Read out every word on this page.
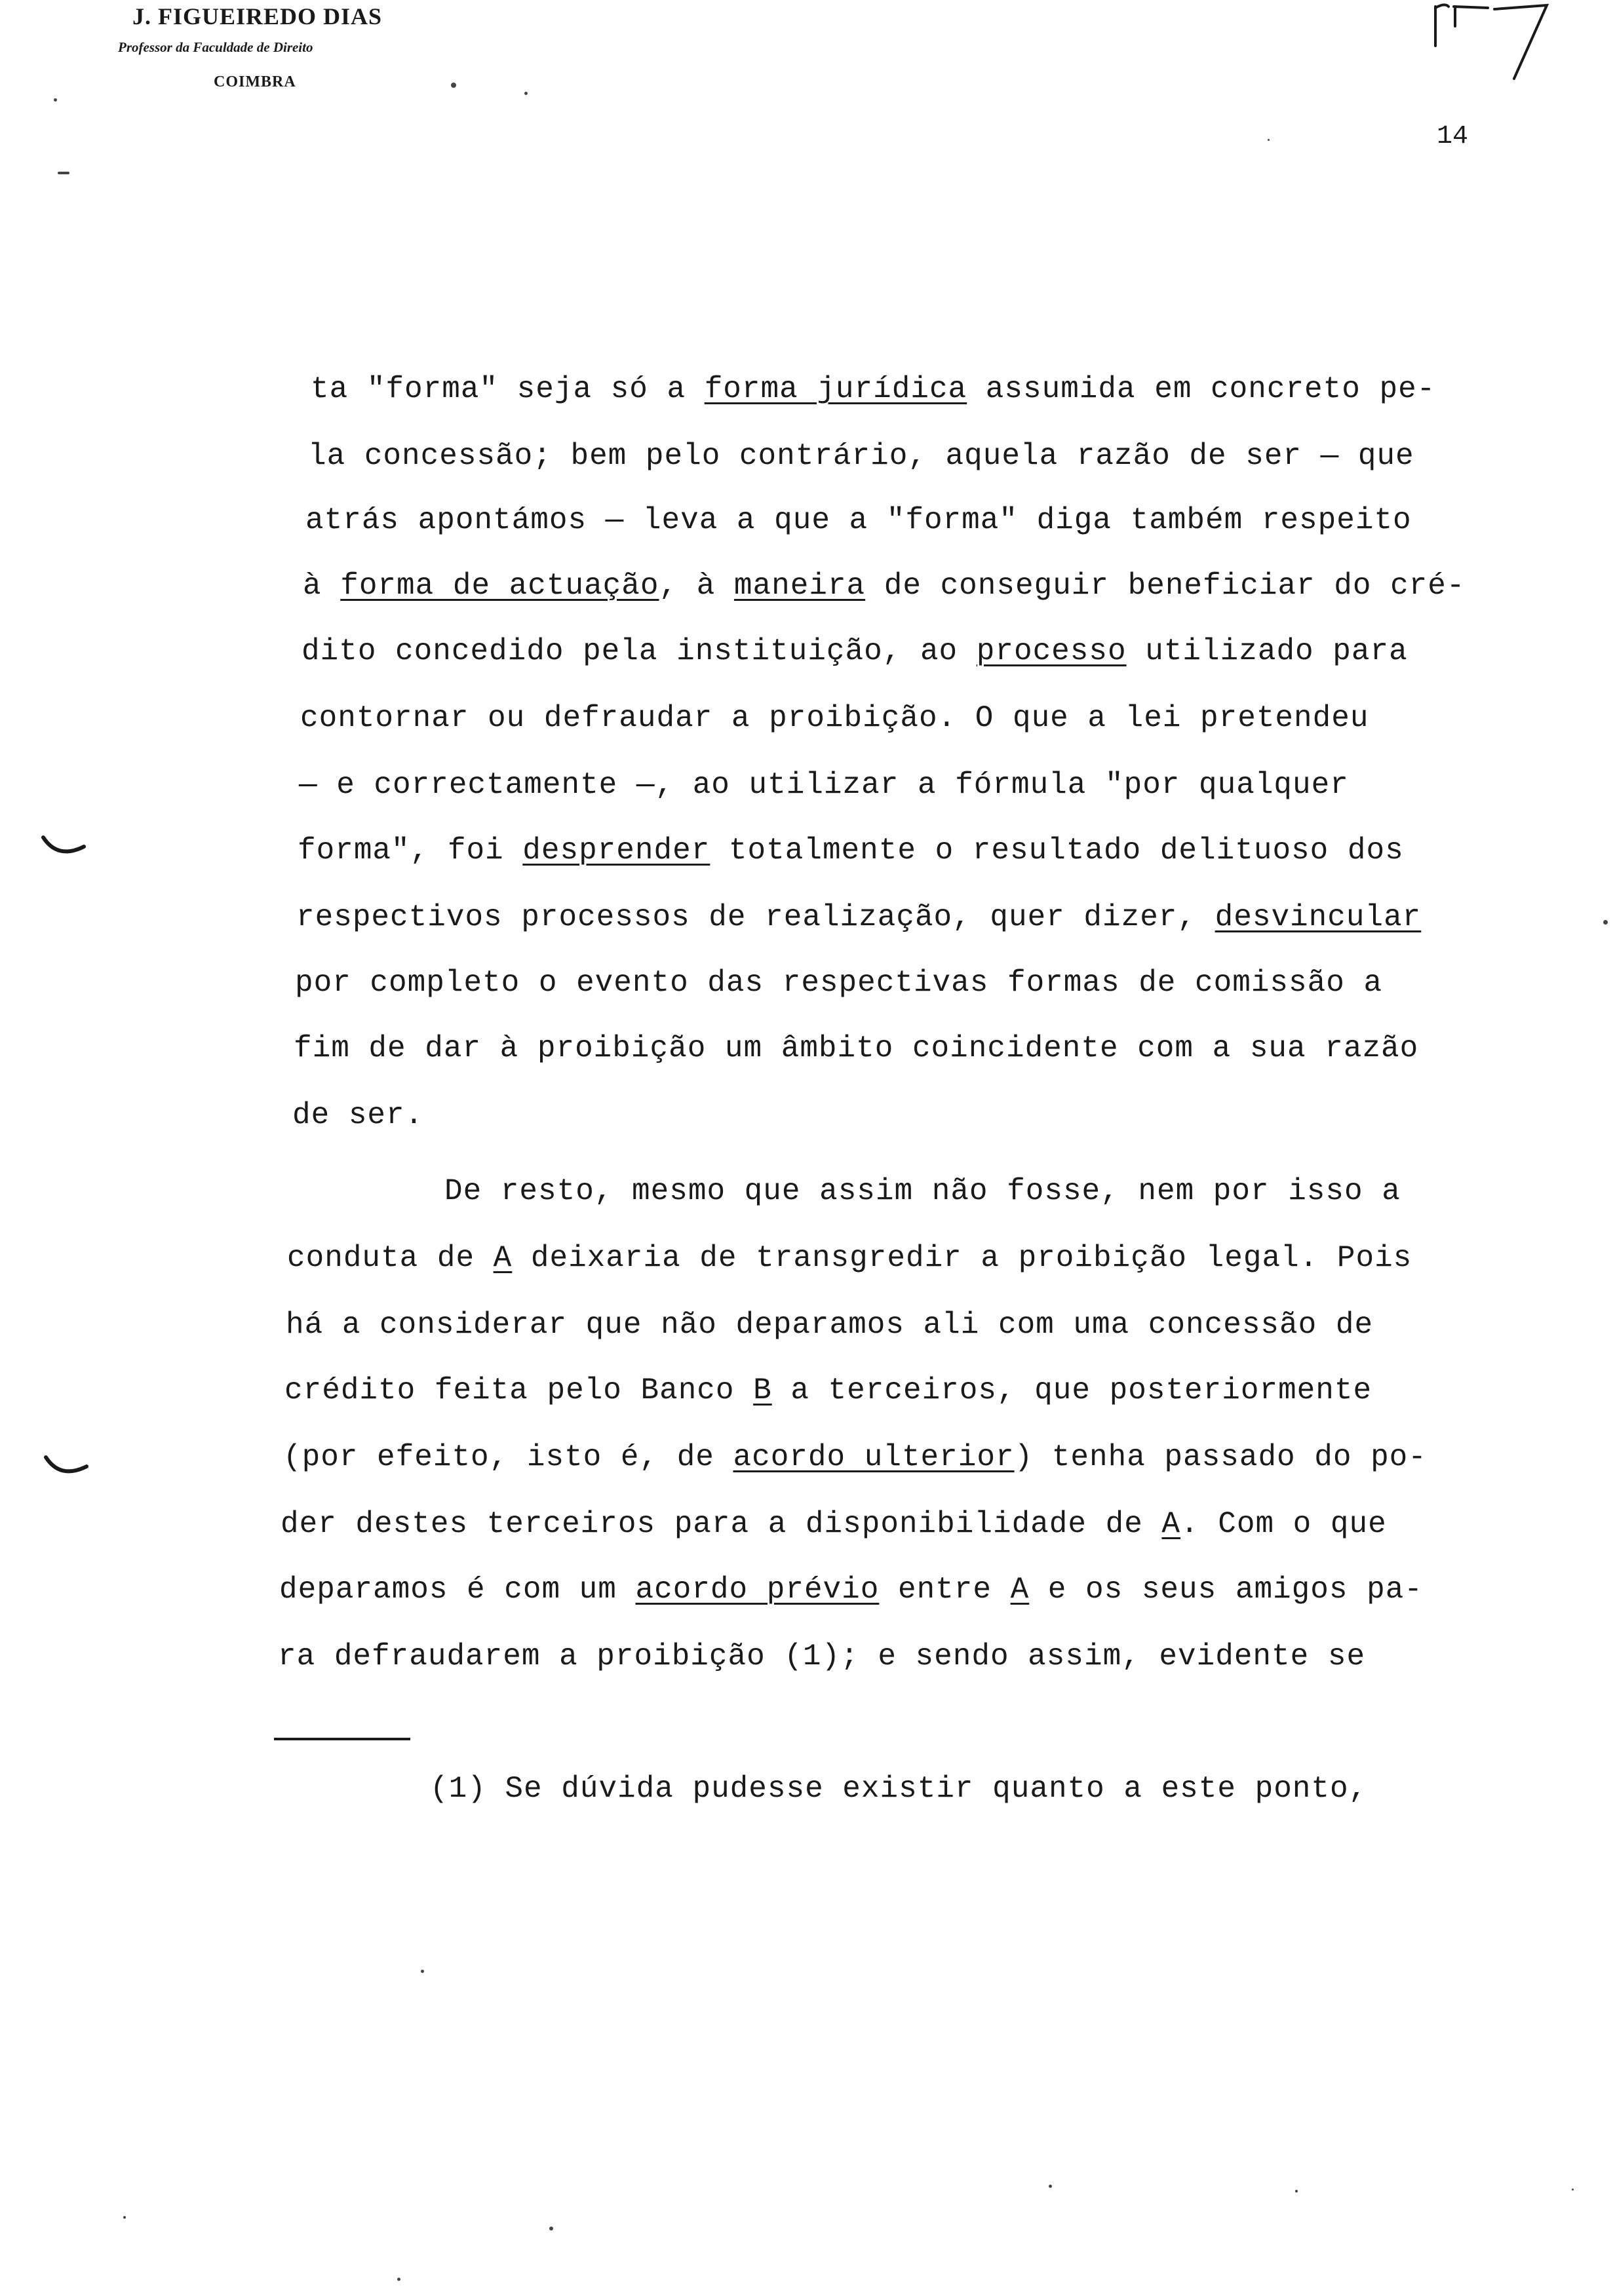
J. FIGUEIREDO DIAS
Professor da Faculdade de Direito
COIMBRA
14
ta "forma" seja só a forma jurídica assumida em concreto pe-
la concessão; bem pelo contrário, aquela razão de ser — que
atrás apontámos — leva a que a "forma" diga também respeito
à forma de actuação, à maneira de conseguir beneficiar do cré-
dito concedido pela instituição, ao processo utilizado para
contornar ou defraudar a proibição. O que a lei pretendeu
— e correctamente —, ao utilizar a fórmula "por qualquer
forma", foi desprender totalmente o resultado delituoso dos
respectivos processos de realização, quer dizer, desvincular
por completo o evento das respectivas formas de comissão a
fim de dar à proibição um âmbito coincidente com a sua razão
de ser.
De resto, mesmo que assim não fosse, nem por isso a
conduta de A deixaria de transgredir a proibição legal. Pois
há a considerar que não deparamos ali com uma concessão de
crédito feita pelo Banco B a terceiros, que posteriormente
(por efeito, isto é, de acordo ulterior) tenha passado do po-
der destes terceiros para a disponibilidade de A. Com o que
deparamos é com um acordo prévio entre A e os seus amigos pa-
ra defraudarem a proibição (1); e sendo assim, evidente se
(1) Se dúvida pudesse existir quanto a este ponto,
